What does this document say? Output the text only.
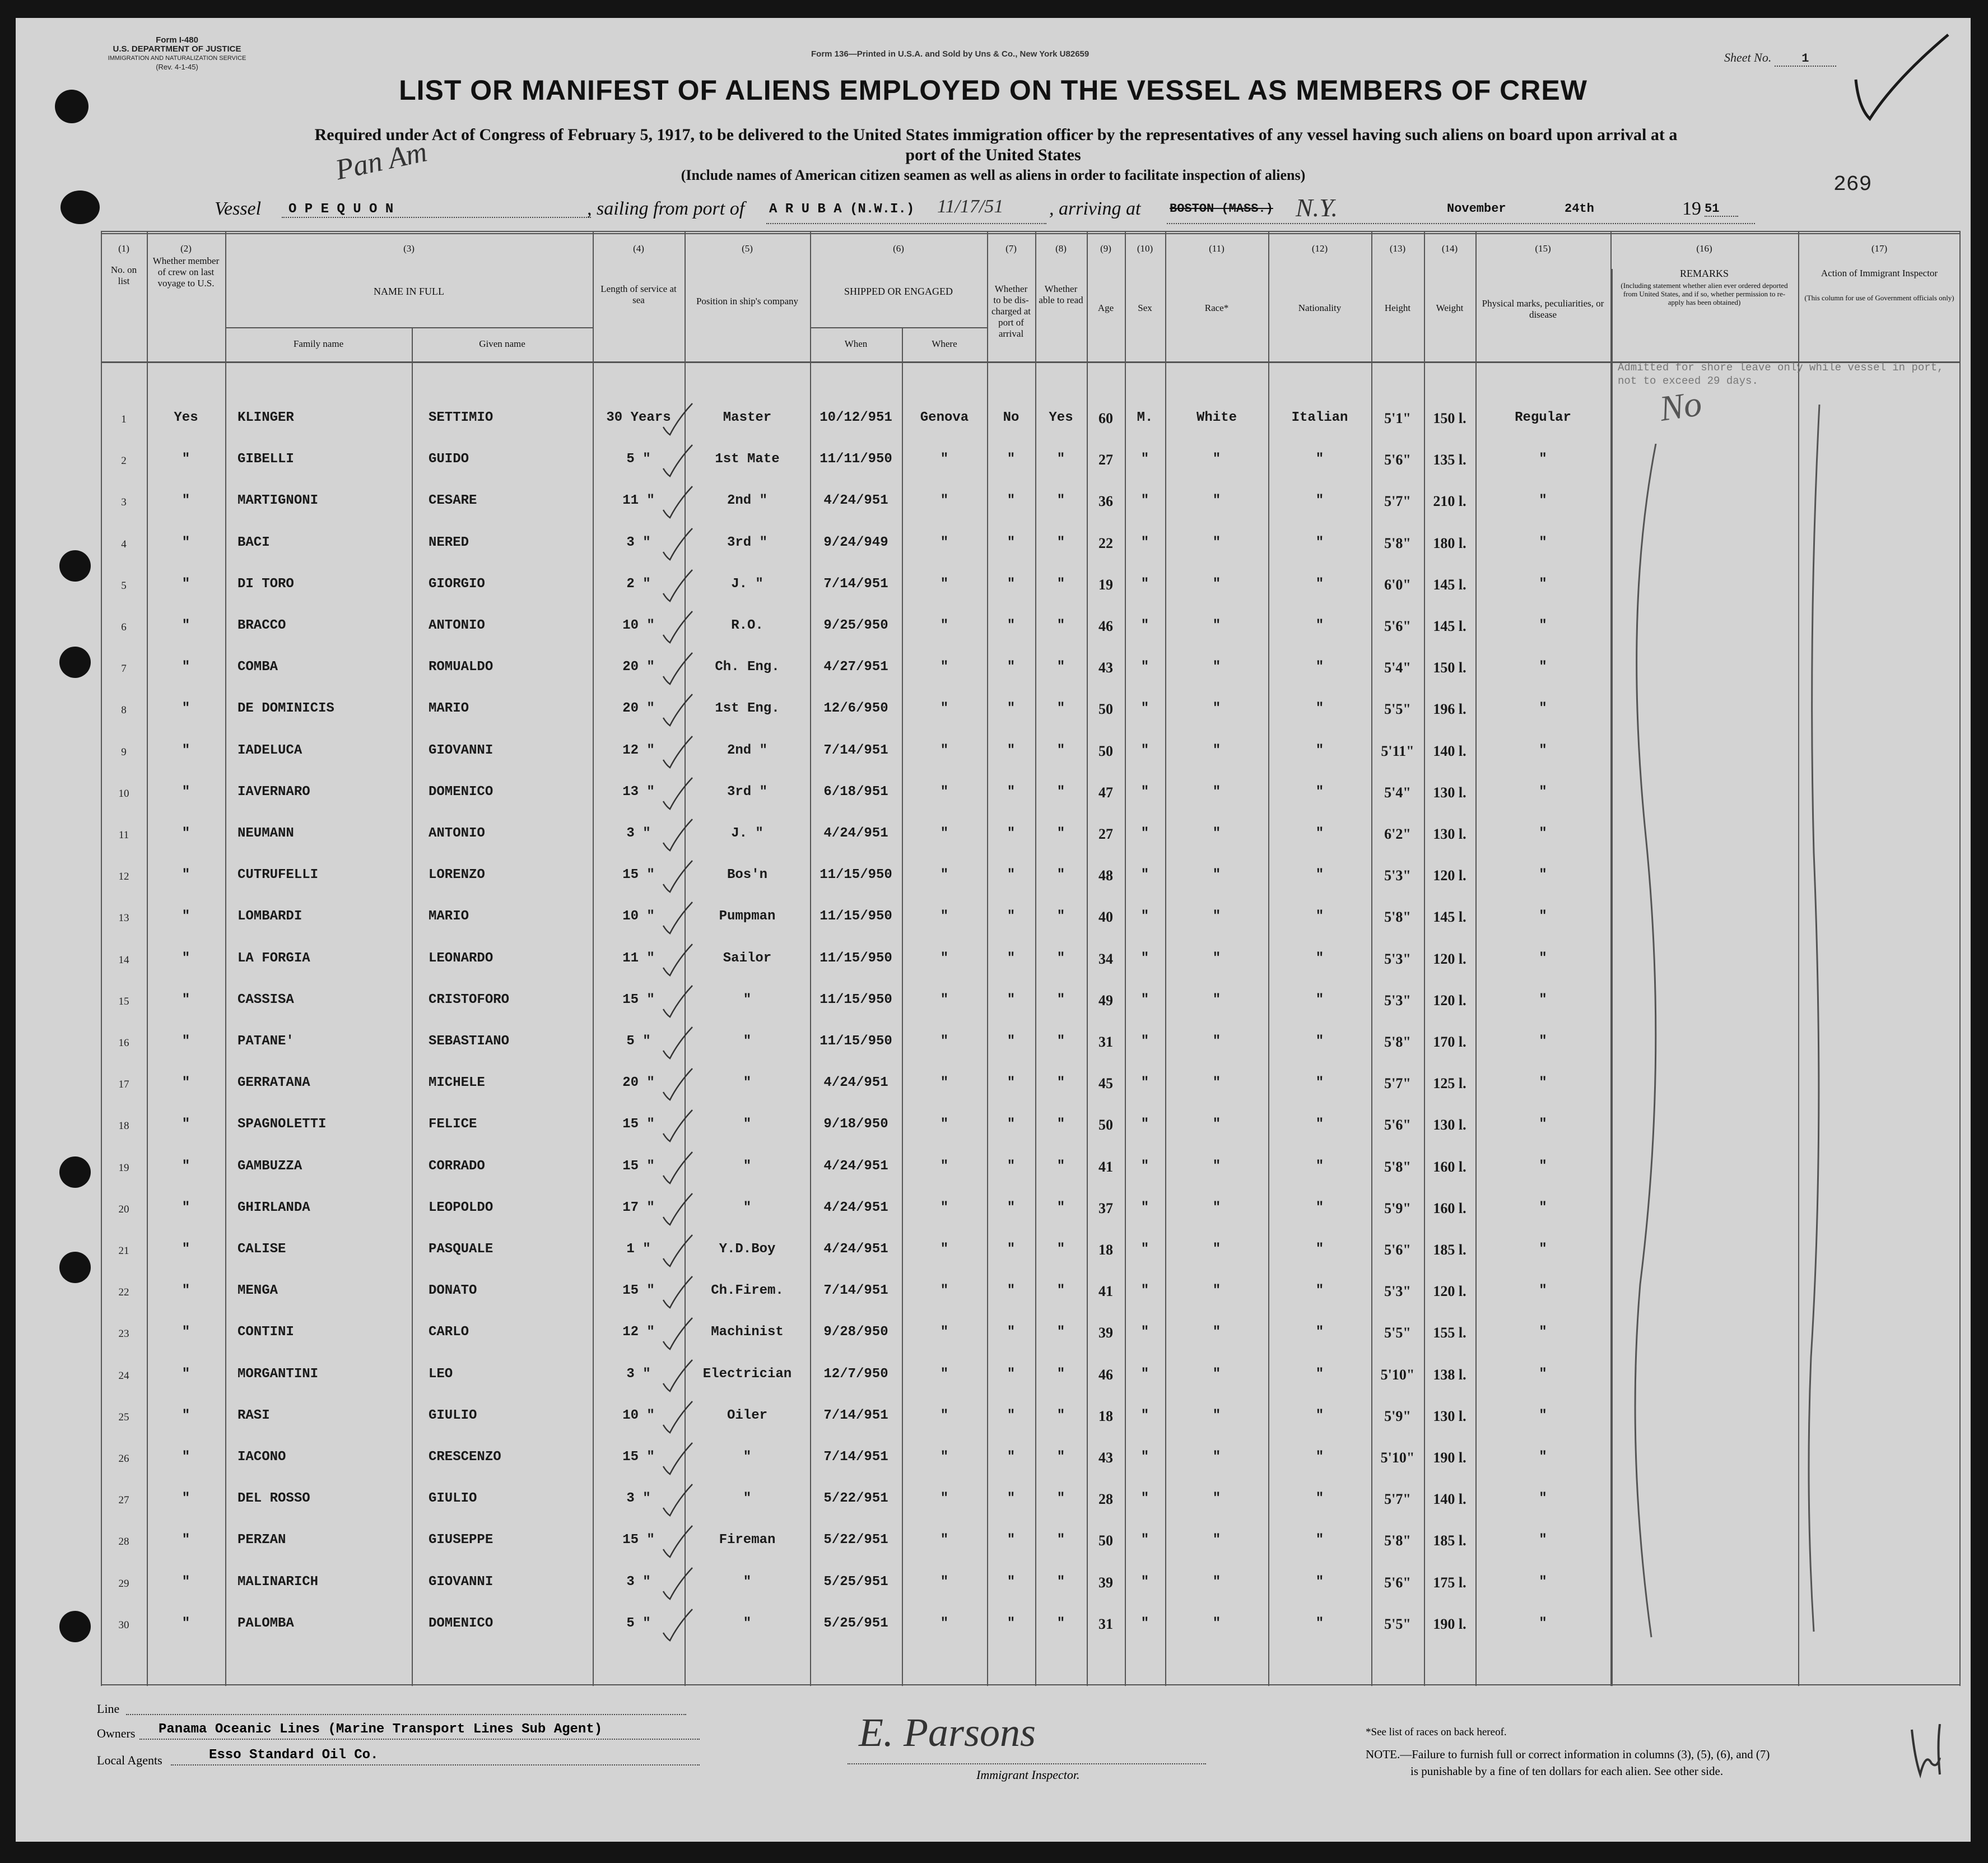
Form I-480
U.S. DEPARTMENT OF JUSTICE
IMMIGRATION AND NATURALIZATION SERVICE
(Rev. 4-1-45)
Form 136—Printed in U.S.A. and Sold by Uns & Co., New York U82659	Sheet No. 1
LIST OR MANIFEST OF ALIENS EMPLOYED ON THE VESSEL AS MEMBERS OF CREW
Required under Act of Congress of February 5, 1917, to be delivered to the United States immigration officer by the representatives of any vessel having such aliens on board upon arrival at a
port of the United States
(Include names of American citizen seamen as well as aliens in order to facilitate inspection of aliens)	269
Pan Am
Vessel	O P E Q U O N	, sailing from port of A R U B A (N.W.I.)	11/17/51 , arriving at BOSTON (MASS.) N.Y.	November	24th	19 51
(1)
No. on list
(2)
Whether member of crew on last voyage to U.S.
(3)
NAME IN FULL
(4)
Length of service at sea
(5)
Position in ship's company
(6)
SHIPPED OR ENGAGED
(7)
Whether to be dis-charged at port of arrival
(8)
Whether able to read
(9)
Age
(10)
Sex
(11)
Race*
(12)
Nationality
(13)
Height
(14)
Weight
(15)
Physical marks, peculiarities, or disease
(16)
REMARKS
(17)
Action of Immigrant Inspector
Family name	Given name	When	Where
(Including statement whether alien ever ordered deported from United States, and if so, whether permission to re-apply has been obtained)
(This column for use of Government officials only)
1	Yes	KLINGER	SETTIMIO	30 Years	Master	10/12/951	Genova	No	Yes	60	M.	White	Italian	5'1"	150 l.	Regular
2	"	GIBELLI	GUIDO	5 "	1st Mate	11/11/950	"	"	"	27	"	"	"	5'6"	135 l.	"
3	"	MARTIGNONI	CESARE	11 "	2nd "	4/24/951	"	"	"	36	"	"	"	5'7"	210 l.	"
4	"	BACI	NERED	3 "	3rd "	9/24/949	"	"	"	22	"	"	"	5'8"	180 l.	"
5	"	DI TORO	GIORGIO	2 "	J. "	7/14/951	"	"	"	19	"	"	"	6'0"	145 l.	"
6	"	BRACCO	ANTONIO	10 "	R.O.	9/25/950	"	"	"	46	"	"	"	5'6"	145 l.	"
7	"	COMBA	ROMUALDO	20 "	Ch. Eng.	4/27/951	"	"	"	43	"	"	"	5'4"	150 l.	"
8	"	DE DOMINICIS	MARIO	20 "	1st Eng.	12/6/950	"	"	"	50	"	"	"	5'5"	196 l.	"
9	"	IADELUCA	GIOVANNI	12 "	2nd "	7/14/951	"	"	"	50	"	"	"	5'11"	140 l.	"
10	"	IAVERNARO	DOMENICO	13 "	3rd "	6/18/951	"	"	"	47	"	"	"	5'4"	130 l.	"
11	"	NEUMANN	ANTONIO	3 "	J. "	4/24/951	"	"	"	27	"	"	"	6'2"	130 l.	"
12	"	CUTRUFELLI	LORENZO	15 "	Bos'n	11/15/950	"	"	"	48	"	"	"	5'3"	120 l.	"
13	"	LOMBARDI	MARIO	10 "	Pumpman	11/15/950	"	"	"	40	"	"	"	5'8"	145 l.	"
14	"	LA FORGIA	LEONARDO	11 "	Sailor	11/15/950	"	"	"	34	"	"	"	5'3"	120 l.	"
15	"	CASSISA	CRISTOFORO	15 "	"	11/15/950	"	"	"	49	"	"	"	5'3"	120 l.	"
16	"	PATANE'	SEBASTIANO	5 "	"	11/15/950	"	"	"	31	"	"	"	5'8"	170 l.	"
17	"	GERRATANA	MICHELE	20 "	"	4/24/951	"	"	"	45	"	"	"	5'7"	125 l.	"
18	"	SPAGNOLETTI	FELICE	15 "	"	9/18/950	"	"	"	50	"	"	"	5'6"	130 l.	"
19	"	GAMBUZZA	CORRADO	15 "	"	4/24/951	"	"	"	41	"	"	"	5'8"	160 l.	"
20	"	GHIRLANDA	LEOPOLDO	17 "	"	4/24/951	"	"	"	37	"	"	"	5'9"	160 l.	"
21	"	CALISE	PASQUALE	1 "	Y.D.Boy	4/24/951	"	"	"	18	"	"	"	5'6"	185 l.	"
22	"	MENGA	DONATO	15 "	Ch.Firem.	7/14/951	"	"	"	41	"	"	"	5'3"	120 l.	"
23	"	CONTINI	CARLO	12 "	Machinist	9/28/950	"	"	"	39	"	"	"	5'5"	155 l.	"
24	"	MORGANTINI	LEO	3 "	Electrician	12/7/950	"	"	"	46	"	"	"	5'10"	138 l.	"
25	"	RASI	GIULIO	10 "	Oiler	7/14/951	"	"	"	18	"	"	"	5'9"	130 l.	"
26	"	IACONO	CRESCENZO	15 "	"	7/14/951	"	"	"	43	"	"	"	5'10"	190 l.	"
27	"	DEL ROSSO	GIULIO	3 "	"	5/22/951	"	"	"	28	"	"	"	5'7"	140 l.	"
28	"	PERZAN	GIUSEPPE	15 "	Fireman	5/22/951	"	"	"	50	"	"	"	5'8"	185 l.	"
29	"	MALINARICH	GIOVANNI	3 "	"	5/25/951	"	"	"	39	"	"	"	5'6"	175 l.	"
30	"	PALOMBA	DOMENICO	5 "	"	5/25/951	"	"	"	31	"	"	"	5'5"	190 l.	"
Admitted for shore leave only while vessel in port, not to exceed 29 days.
No
Line
Owners Panama Oceanic Lines (Marine Transport Lines Sub Agent)
Local Agents	Esso Standard Oil Co.
E. Parsons
Immigrant Inspector.
*See list of races on back hereof.
NOTE.—Failure to furnish full or correct information in columns (3), (5), (6), and (7)
is punishable by a fine of ten dollars for each alien. See other side.
